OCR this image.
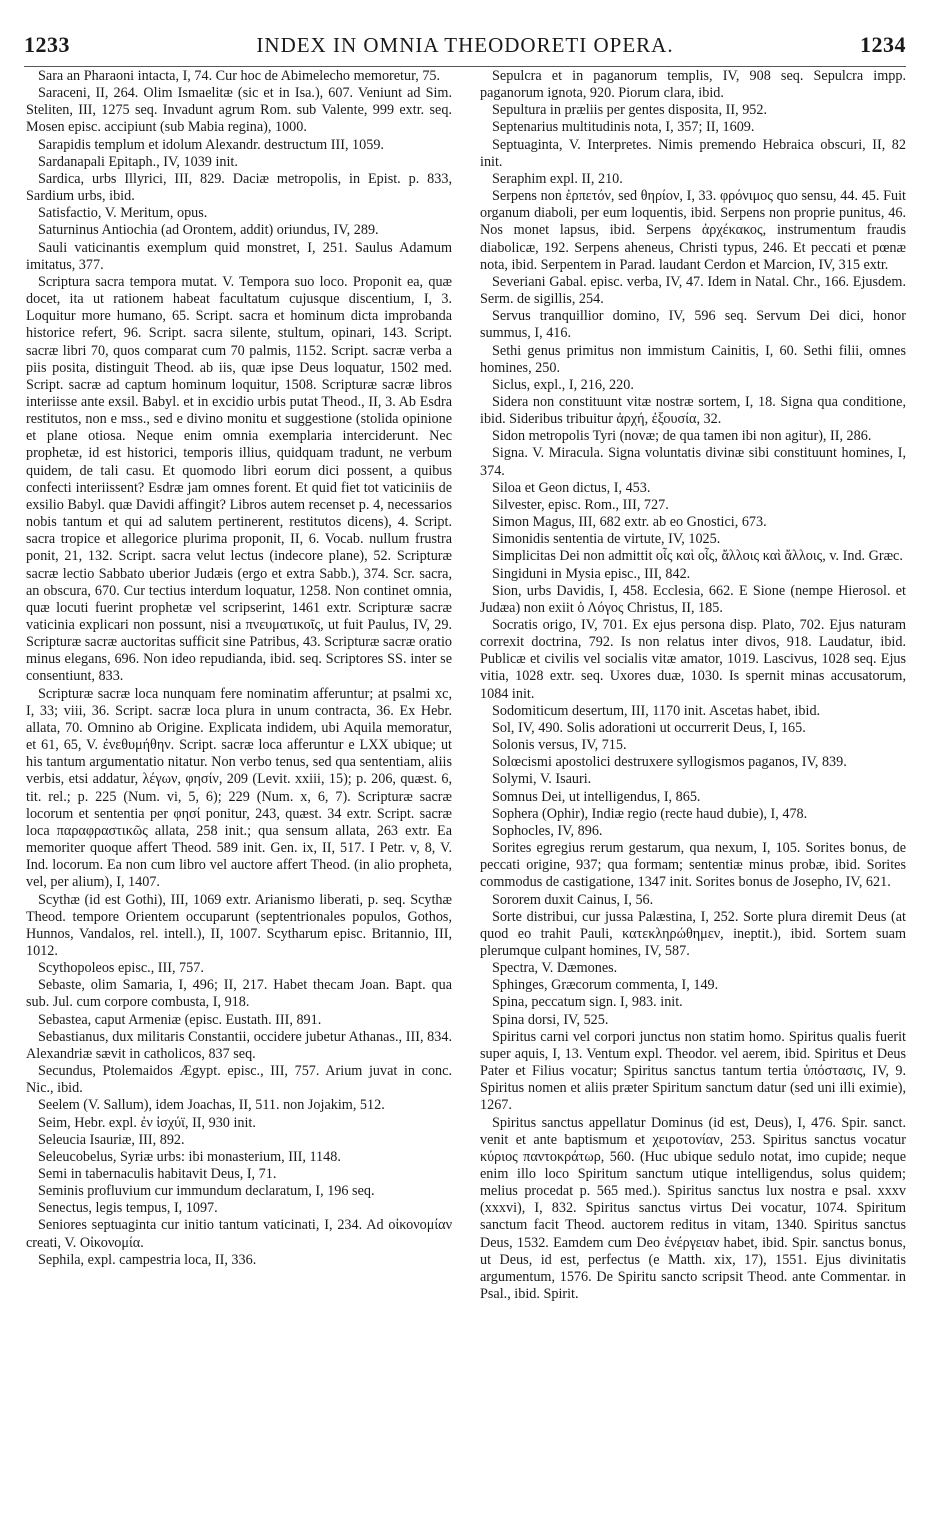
1233	INDEX IN OMNIA THEODORETI OPERA.	1234

Sara an Pharaoni intacta, I, 74. Cur hoc de Abimelecho memoretur, 75.

Saraceni, II, 264. Olim Ismaelitæ (sic et in Isa.), 607. Veniunt ad Sim. Steliten, III, 1275 seq. Invadunt agrum Rom. sub Valente, 999 extr. seq. Mosen episc. accipiunt (sub Mabia regina), 1000.

Sarapidis templum et idolum Alexandr. destructum III, 1059.

Sardanapali Epitaph., IV, 1039 init.

Sardica, urbs Illyrici, III, 829. Daciæ metropolis, in Epist. p. 833, Sardium urbs, ibid.

Satisfactio, V. Meritum, opus.

Saturninus Antiochia (ad Orontem, addit) oriundus, IV, 289.

Sauli vaticinantis exemplum quid monstret, I, 251. Saulus Adamum imitatus, 377.

Scriptura sacra tempora mutat. V. Tempora suo loco. Proponit ea, quæ docet, ita ut rationem habeat facultatum cujusque discentium, I, 3. Loquitur more humano, 65. Script. sacra et hominum dicta improbanda historice refert, 96. Script. sacra silente, stultum, opinari, 143. Script. sacræ libri 70, quos comparat cum 70 palmis, 1152. Script. sacræ verba a piis posita, distinguit Theod. ab iis, quæ ipse Deus loquatur, 1502 med. Script. sacræ ad captum hominum loquitur, 1508. Scripturæ sacræ libros interiisse ante exsil. Babyl. et in excidio urbis putat Theod., II, 3. Ab Esdra restitutos, non e mss., sed e divino monitu et suggestione (stolida opinione et plane otiosa. Neque enim omnia exemplaria interciderunt. Nec prophetæ, id est historici, temporis illius, quidquam tradunt, ne verbum quidem, de tali casu. Et quomodo libri eorum dici possent, a quibus confecti interiissent? Esdræ jam omnes forent. Et quid fiet tot vaticiniis de exsilio Babyl. quæ Davidi affingit? Libros autem recenset p. 4, necessarios nobis tantum et qui ad salutem pertinerent, restitutos dicens), 4. Script. sacra tropice et allegorice plurima proponit, II, 6. Vocab. nullum frustra ponit, 21, 132. Script. sacra velut lectus (indecore plane), 52. Scripturæ sacræ lectio Sabbato uberior Judæis (ergo et extra Sabb.), 374. Scr. sacra, an obscura, 670. Cur tectius interdum loquatur, 1258. Non continet omnia, quæ locuti fuerint prophetæ vel scripserint, 1461 extr. Scripturæ sacræ vaticinia explicari non possunt, nisi a πνευματικοῖς, ut fuit Paulus, IV, 29. Scripturæ sacræ auctoritas sufficit sine Patribus, 43. Scripturæ sacræ oratio minus elegans, 696. Non ideo repudianda, ibid. seq. Scriptores SS. inter se consentiunt, 833.

Scripturæ sacræ loca nunquam fere nominatim afferuntur; at psalmi xc, I, 33; viii, 36. Script. sacræ loca plura in unum contracta, 36. Ex Hebr. allata, 70. Omnino ab Origine. Explicata indidem, ubi Aquila memoratur, et 61, 65, V. ἐνεθυμήθην. Script. sacræ loca afferuntur e LXX ubique; ut his tantum argumentatio nitatur. Non verbo tenus, sed qua sententiam, aliis verbis, etsi addatur, λέγων, φησίν, 209 (Levit. xxiii, 15); p. 206, quæst. 6, tit. rel.; p. 225 (Num. vi, 5, 6); 229 (Num. x, 6, 7). Scripturæ sacræ locorum et sententia per φησί ponitur, 243, quæst. 34 extr. Script. sacræ loca παραφραστικῶς allata, 258 init.; qua sensum allata, 263 extr. Ea memoriter quoque affert Theod. 589 init. Gen. ix, II, 517. I Petr. v, 8, V. Ind. locorum. Ea non cum libro vel auctore affert Theod. (in alio propheta, vel, per alium), I, 1407.

Scythæ (id est Gothi), III, 1069 extr. Arianismo liberati, p. seq. Scythæ Theod. tempore Orientem occuparunt (septentrionales populos, Gothos, Hunnos, Vandalos, rel. intell.), II, 1007. Scytharum episc. Britannio, III, 1012.

Scythopoleos episc., III, 757.

Sebaste, olim Samaria, I, 496; II, 217. Habet thecam Joan. Bapt. qua sub. Jul. cum corpore combusta, I, 918.

Sebastea, caput Armeniæ (episc. Eustath. III, 891.

Sebastianus, dux militaris Constantii, occidere jubetur Athanas., III, 834. Alexandriæ sævit in catholicos, 837 seq.

Secundus, Ptolemaidos Ægypt. episc., III, 757. Arium juvat in conc. Nic., ibid.

Seelem (V. Sallum), idem Joachas, II, 511. non Jojakim, 512.

Seim, Hebr. expl. ἐν ἰσχύϊ, II, 930 init.

Seleucia Isauriæ, III, 892.

Seleucobelus, Syriæ urbs: ibi monasterium, III, 1148.

Semi in tabernaculis habitavit Deus, I, 71.

Seminis profluvium cur immundum declaratum, I, 196 seq.

Senectus, legis tempus, I, 1097.

Seniores septuaginta cur initio tantum vaticinati, I, 234. Ad οἰκονομίαν creati, V. Οἰκονομία.

Sephila, expl. campestria loca, II, 336.

Sepulcra et in paganorum templis, IV, 908 seq. Sepulcra impp. paganorum ignota, 920. Piorum clara, ibid.

Sepultura in præliis per gentes disposita, II, 952.

Septenarius multitudinis nota, I, 357; II, 1609.

Septuaginta, V. Interpretes. Nimis premendo Hebraica obscuri, II, 82 init.

Seraphim expl. II, 210.

Serpens non ἑρπετόν, sed θηρίον, I, 33. φρόνιμος quo sensu, 44. 45. Fuit organum diaboli, per eum loquentis, ibid. Serpens non proprie punitus, 46. Nos monet lapsus, ibid. Serpens ἀρχέκακος, instrumentum fraudis diabolicæ, 192. Serpens aheneus, Christi typus, 246. Et peccati et pœnæ nota, ibid. Serpentem in Parad. laudant Cerdon et Marcion, IV, 315 extr.

Severiani Gabal. episc. verba, IV, 47. Idem in Natal. Chr., 166. Ejusdem. Serm. de sigillis, 254.

Servus tranquillior domino, IV, 596 seq. Servum Dei dici, honor summus, I, 416.

Sethi genus primitus non immistum Cainitis, I, 60. Sethi filii, omnes homines, 250.

Siclus, expl., I, 216, 220.

Sidera non constituunt vitæ nostræ sortem, I, 18. Signa qua conditione, ibid. Sideribus tribuitur ἀρχή, ἐξουσία, 32.

Sidon metropolis Tyri (novæ; de qua tamen ibi non agitur), II, 286.

Signa. V. Miracula. Signa voluntatis divinæ sibi constituunt homines, I, 374.

Siloa et Geon dictus, I, 453.

Silvester, episc. Rom., III, 727.

Simon Magus, III, 682 extr. ab eo Gnostici, 673.

Simonidis sententia de virtute, IV, 1025.

Simplicitas Dei non admittit οἷς καὶ οἷς, ἄλλοις καὶ ἄλλοις, v. Ind. Græc.

Singiduni in Mysia episc., III, 842.

Sion, urbs Davidis, I, 458. Ecclesia, 662. E Sione (nempe Hierosol. et Judæa) non exiit ὁ Λόγος Christus, II, 185.

Socratis origo, IV, 701. Ex ejus persona disp. Plato, 702. Ejus naturam correxit doctrina, 792. Is non relatus inter divos, 918. Laudatur, ibid. Publicæ et civilis vel socialis vitæ amator, 1019. Lascivus, 1028 seq. Ejus vitia, 1028 extr. seq. Uxores duæ, 1030. Is spernit minas accusatorum, 1084 init.

Sodomiticum desertum, III, 1170 init. Ascetas habet, ibid.

Sol, IV, 490. Solis adorationi ut occurrerit Deus, I, 165.

Solonis versus, IV, 715.

Solœcismi apostolici destruxere syllogismos paganos, IV, 839.

Solymi, V. Isauri.

Somnus Dei, ut intelligendus, I, 865.

Sophera (Ophir), Indiæ regio (recte haud dubie), I, 478.

Sophocles, IV, 896.

Sorites egregius rerum gestarum, qua nexum, I, 105. Sorites bonus, de peccati origine, 937; qua formam; sententiæ minus probæ, ibid. Sorites commodus de castigatione, 1347 init. Sorites bonus de Josepho, IV, 621.

Sororem duxit Cainus, I, 56.

Sorte distribui, cur jussa Palæstina, I, 252. Sorte plura diremit Deus (at quod eo trahit Pauli, κατεκληρώθημεν, ineptit.), ibid. Sortem suam plerumque culpant homines, IV, 587.

Spectra, V. Dæmones.

Sphinges, Græcorum commenta, I, 149.

Spina, peccatum sign. I, 983. init.

Spina dorsi, IV, 525.

Spiritus carni vel corpori junctus non statim homo. Spiritus qualis fuerit super aquis, I, 13. Ventum expl. Theodor. vel aerem, ibid. Spiritus et Deus Pater et Filius vocatur; Spiritus sanctus tantum tertia ὑπόστασις, IV, 9. Spiritus nomen et aliis præter Spiritum sanctum datur (sed uni illi eximie), 1267.

Spiritus sanctus appellatur Dominus (id est, Deus), I, 476. Spir. sanct. venit et ante baptismum et χειροτονίαν, 253. Spiritus sanctus vocatur κύριος παντοκράτωρ, 560. (Huc ubique sedulo notat, imo cupide; neque enim illo loco Spiritum sanctum utique intelligendus, solus quidem; melius procedat p. 565 med.). Spiritus sanctus lux nostra e psal. xxxv (xxxvi), I, 832. Spiritus sanctus virtus Dei vocatur, 1074. Spiritum sanctum facit Theod. auctorem reditus in vitam, 1340. Spiritus sanctus Deus, 1532. Eamdem cum Deo ἐνέργειαν habet, ibid. Spir. sanctus bonus, ut Deus, id est, perfectus (e Matth. xix, 17), 1551. Ejus divinitatis argumentum, 1576. De Spiritu sancto scripsit Theod. ante Commentar. in Psal., ibid. Spirit.
